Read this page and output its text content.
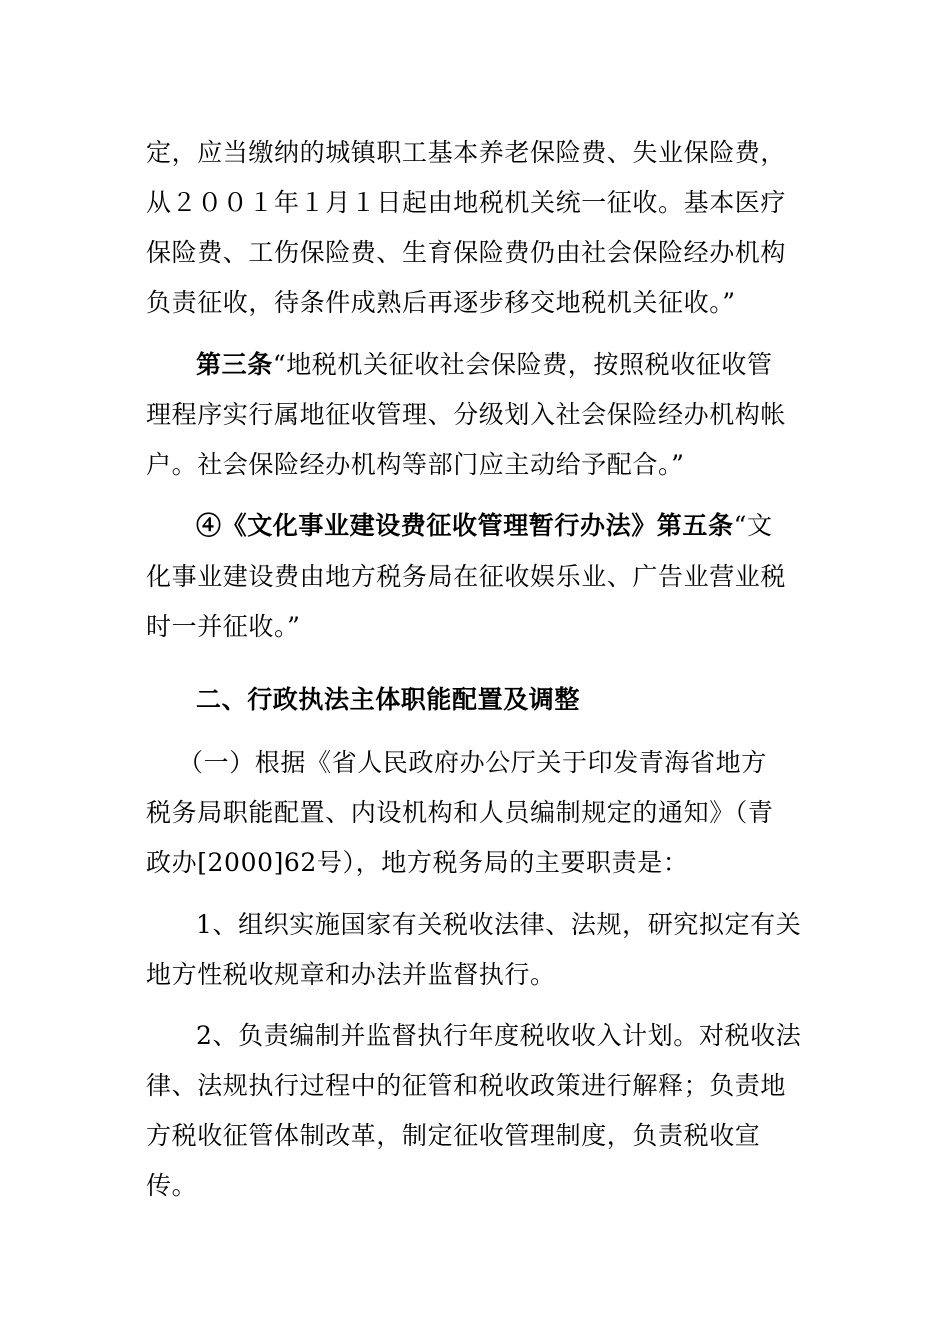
定，应当缴纳的城镇职工基本养老保险费、失业保险费，
从２００１年１月１日起由地税机关统一征收。基本医疗
保险费、工伤保险费、生育保险费仍由社会保险经办机构
负责征收，待条件成熟后再逐步移交地税机关征收。”
第三条“地税机关征收社会保险费，按照税收征收管
理程序实行属地征收管理、分级划入社会保险经办机构帐
户。社会保险经办机构等部门应主动给予配合。”
④《文化事业建设费征收管理暂行办法》第五条“文
化事业建设费由地方税务局在征收娱乐业、广告业营业税
时一并征收。”
二、行政执法主体职能配置及调整
（一）根据《省人民政府办公厅关于印发青海省地方
税务局职能配置、内设机构和人员编制规定的通知》（青
政办[2000]62号），地方税务局的主要职责是：
1、组织实施国家有关税收法律、法规，研究拟定有关
地方性税收规章和办法并监督执行。
2、负责编制并监督执行年度税收收入计划。对税收法
律、法规执行过程中的征管和税收政策进行解释；负责地
方税收征管体制改革，制定征收管理制度，负责税收宣
传。
